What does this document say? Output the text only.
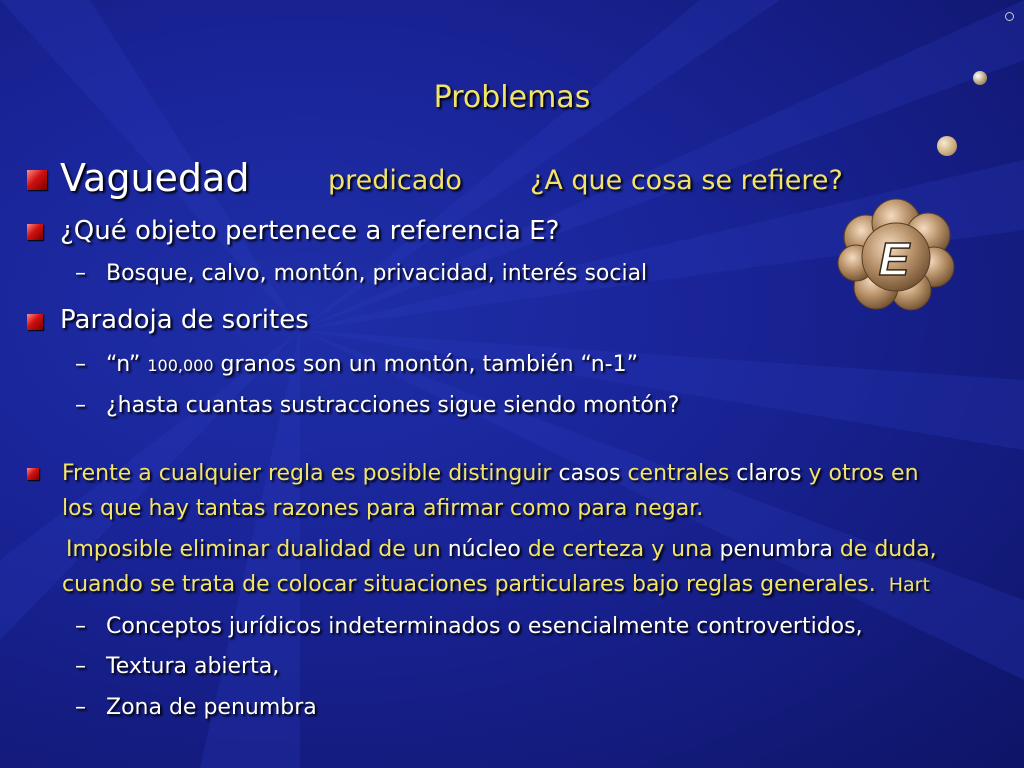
E
Problemas
Vaguedad	predicado	¿A que cosa se refiere?
¿Qué objeto pertenece a referencia E?
– Bosque, calvo, montón, privacidad, interés social
Paradoja de sorites
– “n” 100,000 granos son un montón, también “n-1”
– ¿hasta cuantas sustracciones sigue siendo montón?
Frente a cualquier regla es posible distinguir casos centrales claros y otros en
los que hay tantas razones para afirmar como para negar.
Imposible eliminar dualidad de un núcleo de certeza y una penumbra de duda,
cuando se trata de colocar situaciones particulares bajo reglas generales. Hart
– Conceptos jurídicos indeterminados o esencialmente controvertidos,
– Textura abierta,
– Zona de penumbra
